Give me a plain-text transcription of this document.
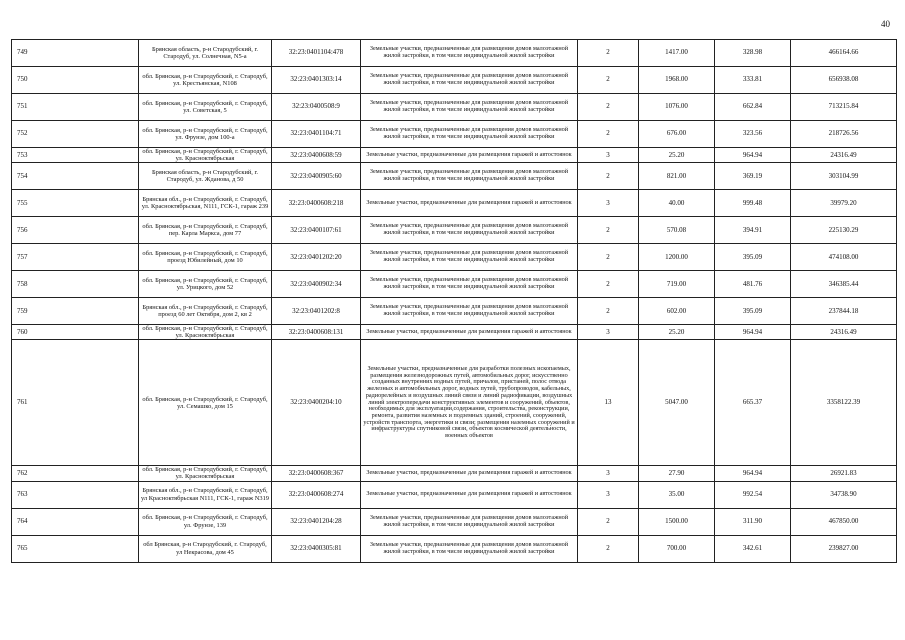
40
749	Брянская область, р-н Стародубский, г. Стародуб, ул. Солнечная, N5-а	32:23:0401104:478	Земельные участки, предназначенные для размещения домов малоэтажной жилой застройки, в том числе индивидуальной жилой застройки	2	1417.00	328.98	466164.66
750	обл. Брянская, р-н Стародубский, г. Стародуб, ул. Крестьянская, N108	32:23:0401303:14	Земельные участки, предназначенные для размещения домов малоэтажной жилой застройки, в том числе индивидуальной жилой застройки	2	1968.00	333.81	656938.08
751	обл. Брянская, р-н Стародубский, г. Стародуб, ул. Советская, 5	32:23:0400508:9	Земельные участки, предназначенные для размещения домов малоэтажной жилой застройки, в том числе индивидуальной жилой застройки	2	1076.00	662.84	713215.84
752	обл. Брянская, р-н Стародубский, г. Стародуб, ул. Фрунзе, дом 100-а	32:23:0401104:71	Земельные участки, предназначенные для размещения домов малоэтажной жилой застройки, в том числе индивидуальной жилой застройки	2	676.00	323.56	218726.56
753	обл. Брянская, р-н Стародубский, г. Стародуб, ул. Красноктябрьская	32:23:0400608:59	Земельные участки, предназначенные для размещения гаражей и автостоянок	3	25.20	964.94	24316.49
754	Брянская область, р-н Стародубский, г. Стародуб, ул. Жданова, д 50	32:23:0400905:60	Земельные участки, предназначенные для размещения домов малоэтажной жилой застройки, в том числе индивидуальной жилой застройки	2	821.00	369.19	303104.99
755	Брянская обл., р-н Стародубский, г. Стародуб, ул. Красноктябрьская, N111, ГСК-1, гараж 239	32:23:0400608:218	Земельные участки, предназначенные для размещения гаражей и автостоянок	3	40.00	999.48	39979.20
756	обл. Брянская, р-н Стародубский, г. Стародуб, пер. Карла Маркса, дом 77	32:23:0400107:61	Земельные участки, предназначенные для размещения домов малоэтажной жилой застройки, в том числе индивидуальной жилой застройки	2	570.08	394.91	225130.29
757	обл. Брянская, р-н Стародубский, г. Стародуб, проезд Юбилейный, дом 10	32:23:0401202:20	Земельные участки, предназначенные для размещения домов малоэтажной жилой застройки, в том числе индивидуальной жилой застройки	2	1200.00	395.09	474108.00
758	обл. Брянская, р-н Стародубский, г. Стародуб, ул. Урицкого, дом 52	32:23:0400902:34	Земельные участки, предназначенные для размещения домов малоэтажной жилой застройки, в том числе индивидуальной жилой застройки	2	719.00	481.76	346385.44
759	Брянская обл., р-н Стародубский, г. Стародуб, проезд 60 лет Октября, дом 2, кв 2	32:23:0401202:8	Земельные участки, предназначенные для размещения домов малоэтажной жилой застройки, в том числе индивидуальной жилой застройки	2	602.00	395.09	237844.18
760	обл. Брянская, р-н Стародубский, г. Стародуб, ул. Красноктябрьская	32:23:0400608:131	Земельные участки, предназначенные для размещения гаражей и автостоянок	3	25.20	964.94	24316.49
761	обл. Брянская, р-н Стародубский, г. Стародуб, ул. Семашко, дом 15	32:23:0400204:10	Земельные участки, предназначенные для разработки полезных ископаемых, размещения железнодорожных путей, автомобильных дорог, искусственно созданных внутренних водных путей, причалов, пристаней, полос отвода железных и автомобильных дорог, водных путей, трубопроводов, кабельных, радиорелейных и воздушных линий связи и линий радиофикации, воздушных линий электропередачи конструктивных элементов и сооружений, объектов, необходимых для эксплуатации,содержания, строительства, реконструкции, ремонта, развития наземных и подземных зданий, строений, сооружений, устройств транспорта, энергетики и связи; размещения наземных сооружений и инфраструктуры спутниковой связи, объектов космической деятельности, военных объектов	13	5047.00	665.37	3358122.39
762	обл. Брянская, р-н Стародубский, г. Стародуб, ул. Красноктябрьская	32:23:0400608:367	Земельные участки, предназначенные для размещения гаражей и автостоянок	3	27.90	964.94	26921.83
763	Брянская обл., р-н Стародубский, г. Стародуб, ул Красноктябрьская N111, ГСК-1, гараж N319	32:23:0400608:274	Земельные участки, предназначенные для размещения гаражей и автостоянок	3	35.00	992.54	34738.90
764	обл. Брянская, р-н Стародубский, г. Стародуб, ул. Фрунзе, 139	32:23:0401204:28	Земельные участки, предназначенные для размещения домов малоэтажной жилой застройки, в том числе индивидуальной жилой застройки	2	1500.00	311.90	467850.00
765	обл Брянская, р-н Стародубский, г. Стародуб, ул Некрасова, дом 45	32:23:0400305:81	Земельные участки, предназначенные для размещения домов малоэтажной жилой застройки, в том числе индивидуальной жилой застройки	2	700.00	342.61	239827.00
